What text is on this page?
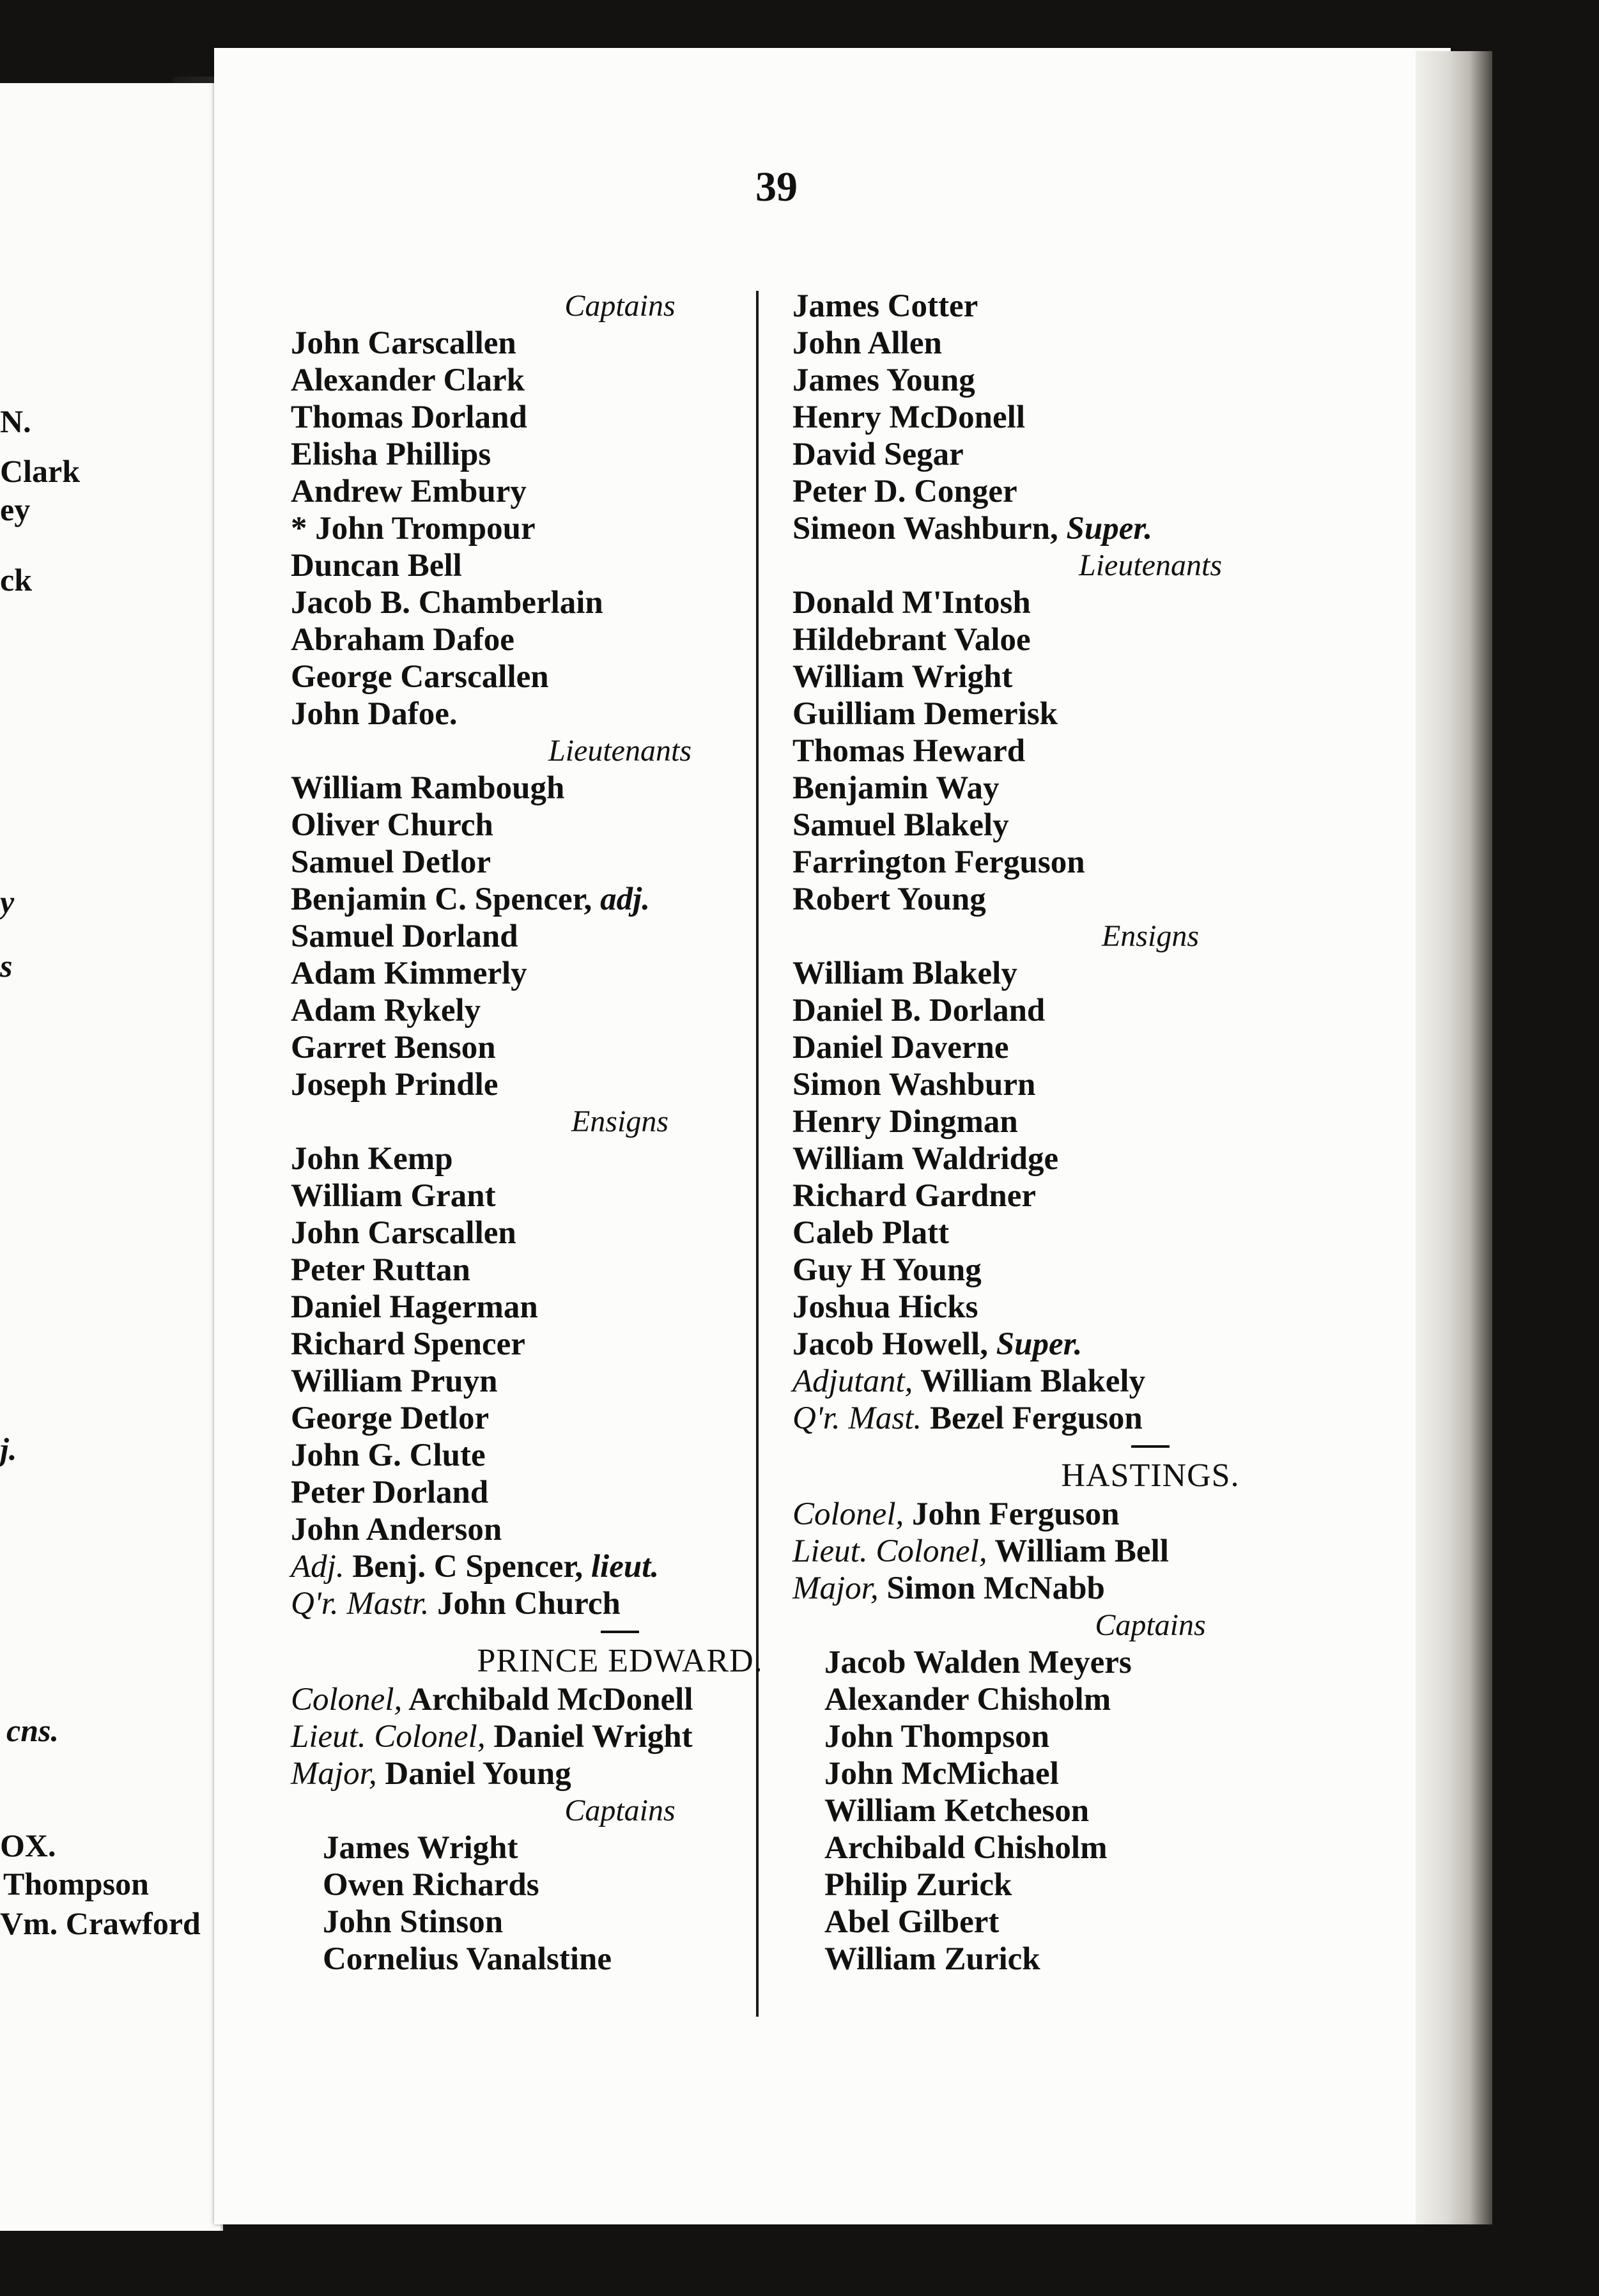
N.
Clark
ey
ck
y
s
j.
cns.
OX.
Thompson
Vm. Crawford
39
Captains
John Carscallen
Alexander Clark
Thomas Dorland
Elisha Phillips
Andrew Embury
* John Trompour
Duncan Bell
Jacob B. Chamberlain
Abraham Dafoe
George Carscallen
John Dafoe.
Lieutenants
William Rambough
Oliver Church
Samuel Detlor
Benjamin C. Spencer, adj.
Samuel Dorland
Adam Kimmerly
Adam Rykely
Garret Benson
Joseph Prindle
Ensigns
John Kemp
William Grant
John Carscallen
Peter Ruttan
Daniel Hagerman
Richard Spencer
William Pruyn
George Detlor
John G. Clute
Peter Dorland
John Anderson
Adj. Benj. C Spencer, lieut.
Q'r. Mastr. John Church
PRINCE EDWARD.
Colonel, Archibald McDonell
Lieut. Colonel, Daniel Wright
Major, Daniel Young
Captains
James Wright
Owen Richards
John Stinson
Cornelius Vanalstine
James Cotter
John Allen
James Young
Henry McDonell
David Segar
Peter D. Conger
Simeon Washburn, Super.
Lieutenants
Donald M'Intosh
Hildebrant Valoe
William Wright
Guilliam Demerisk
Thomas Heward
Benjamin Way
Samuel Blakely
Farrington Ferguson
Robert Young
Ensigns
William Blakely
Daniel B. Dorland
Daniel Daverne
Simon Washburn
Henry Dingman
William Waldridge
Richard Gardner
Caleb Platt
Guy H Young
Joshua Hicks
Jacob Howell, Super.
Adjutant, William Blakely
Q'r. Mast. Bezel Ferguson
HASTINGS.
Colonel, John Ferguson
Lieut. Colonel, William Bell
Major, Simon McNabb
Captains
Jacob Walden Meyers
Alexander Chisholm
John Thompson
John McMichael
William Ketcheson
Archibald Chisholm
Philip Zurick
Abel Gilbert
William Zurick
